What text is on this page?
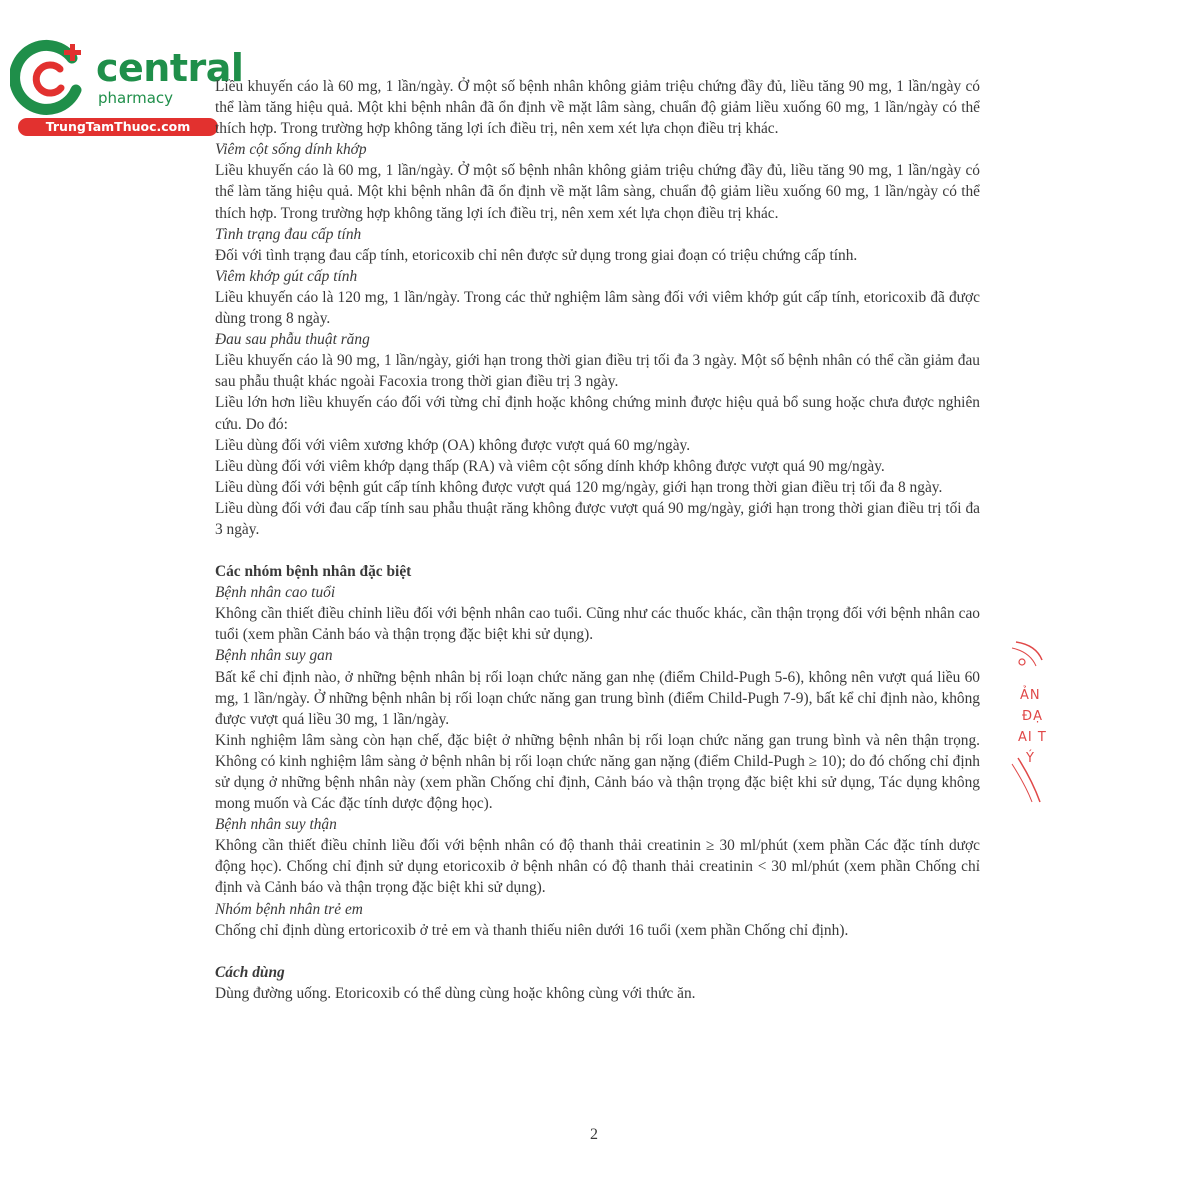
central
pharmacy
TrungTamThuoc.com

Liều khuyến cáo là 60 mg, 1 lần/ngày. Ở một số bệnh nhân không giảm triệu chứng đầy đủ, liều tăng 90 mg, 1 lần/ngày có thể làm tăng hiệu quả. Một khi bệnh nhân đã ổn định về mặt lâm sàng, chuẩn độ giảm liều xuống 60 mg, 1 lần/ngày có thể thích hợp. Trong trường hợp không tăng lợi ích điều trị, nên xem xét lựa chọn điều trị khác.

Viêm cột sống dính khớp

Liều khuyến cáo là 60 mg, 1 lần/ngày. Ở một số bệnh nhân không giảm triệu chứng đầy đủ, liều tăng 90 mg, 1 lần/ngày có thể làm tăng hiệu quả. Một khi bệnh nhân đã ổn định về mặt lâm sàng, chuẩn độ giảm liều xuống 60 mg, 1 lần/ngày có thể thích hợp. Trong trường hợp không tăng lợi ích điều trị, nên xem xét lựa chọn điều trị khác.

Tình trạng đau cấp tính

Đối với tình trạng đau cấp tính, etoricoxib chỉ nên được sử dụng trong giai đoạn có triệu chứng cấp tính.

Viêm khớp gút cấp tính

Liều khuyến cáo là 120 mg, 1 lần/ngày. Trong các thử nghiệm lâm sàng đối với viêm khớp gút cấp tính, etoricoxib đã được dùng trong 8 ngày.

Đau sau phẫu thuật răng

Liều khuyến cáo là 90 mg, 1 lần/ngày, giới hạn trong thời gian điều trị tối đa 3 ngày. Một số bệnh nhân có thể cần giảm đau sau phẫu thuật khác ngoài Facoxia trong thời gian điều trị 3 ngày.

Liều lớn hơn liều khuyến cáo đối với từng chỉ định hoặc không chứng minh được hiệu quả bổ sung hoặc chưa được nghiên cứu. Do đó:

Liều dùng đối với viêm xương khớp (OA) không được vượt quá 60 mg/ngày.

Liều dùng đối với viêm khớp dạng thấp (RA) và viêm cột sống dính khớp không được vượt quá 90 mg/ngày.

Liều dùng đối với bệnh gút cấp tính không được vượt quá 120 mg/ngày, giới hạn trong thời gian điều trị tối đa 8 ngày.

Liều dùng đối với đau cấp tính sau phẫu thuật răng không được vượt quá 90 mg/ngày, giới hạn trong thời gian điều trị tối đa 3 ngày.

Các nhóm bệnh nhân đặc biệt

Bệnh nhân cao tuổi

Không cần thiết điều chỉnh liều đối với bệnh nhân cao tuổi. Cũng như các thuốc khác, cần thận trọng đối với bệnh nhân cao tuổi (xem phần Cảnh báo và thận trọng đặc biệt khi sử dụng).

Bệnh nhân suy gan

Bất kể chỉ định nào, ở những bệnh nhân bị rối loạn chức năng gan nhẹ (điểm Child-Pugh 5-6), không nên vượt quá liều 60 mg, 1 lần/ngày. Ở những bệnh nhân bị rối loạn chức năng gan trung bình (điểm Child-Pugh 7-9), bất kể chỉ định nào, không được vượt quá liều 30 mg, 1 lần/ngày.

Kinh nghiệm lâm sàng còn hạn chế, đặc biệt ở những bệnh nhân bị rối loạn chức năng gan trung bình và nên thận trọng. Không có kinh nghiệm lâm sàng ở bệnh nhân bị rối loạn chức năng gan nặng (điểm Child-Pugh ≥ 10); do đó chống chỉ định sử dụng ở những bệnh nhân này (xem phần Chống chỉ định, Cảnh báo và thận trọng đặc biệt khi sử dụng, Tác dụng không mong muốn và Các đặc tính dược động học).

Bệnh nhân suy thận

Không cần thiết điều chỉnh liều đối với bệnh nhân có độ thanh thải creatinin ≥ 30 ml/phút (xem phần Các đặc tính dược động học). Chống chỉ định sử dụng etoricoxib ở bệnh nhân có độ thanh thải creatinin < 30 ml/phút (xem phần Chống chỉ định và Cảnh báo và thận trọng đặc biệt khi sử dụng).

Nhóm bệnh nhân trẻ em

Chống chỉ định dùng ertoricoxib ở trẻ em và thanh thiếu niên dưới 16 tuổi (xem phần Chống chỉ định).

Cách dùng

Dùng đường uống. Etoricoxib có thể dùng cùng hoặc không cùng với thức ăn.

2
ẢN
ĐẠ
AI T
Ý
